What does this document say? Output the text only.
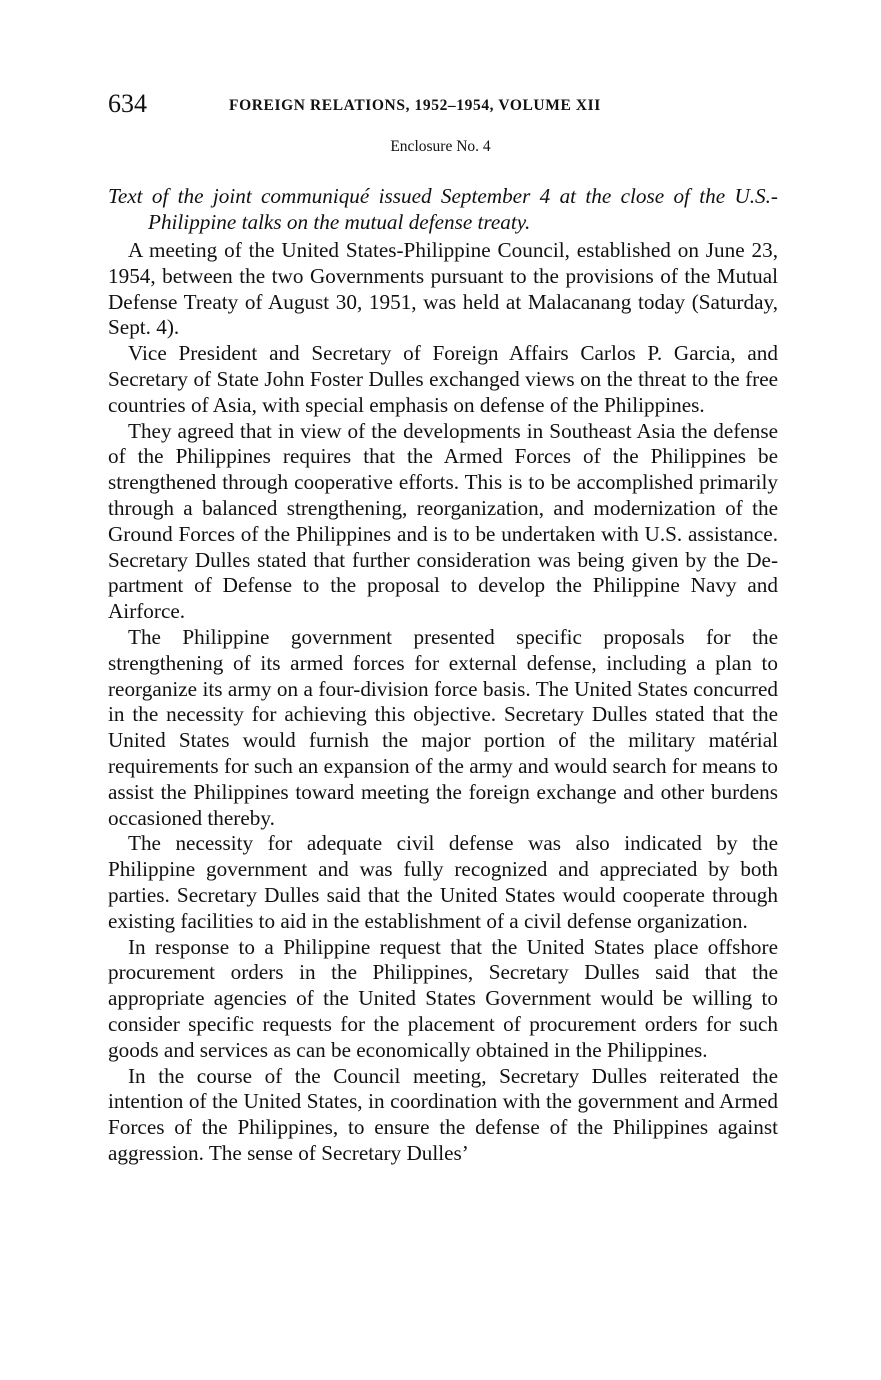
634	FOREIGN RELATIONS, 1952–1954, VOLUME XII
Enclosure No. 4

Text of the joint communiqué issued September 4 at the close of the U.S.-Philippine talks on the mutual defense treaty.

A meeting of the United States-Philippine Council, established on June 23, 1954, between the two Governments pursuant to the provisions of the Mutual Defense Treaty of August 30, 1951, was held at Malacanang today (Saturday, Sept. 4).

Vice President and Secretary of Foreign Affairs Carlos P. Garcia, and Secretary of State John Foster Dulles exchanged views on the threat to the free countries of Asia, with special emphasis on defense of the Philippines.

They agreed that in view of the developments in Southeast Asia the defense of the Philippines requires that the Armed Forces of the Philippines be strengthened through cooperative efforts. This is to be accomplished primarily through a balanced strengthening, reorganization, and modernization of the Ground Forces of the Philippines and is to be undertaken with U.S. assistance. Secretary Dulles stated that further consideration was being given by the Department of Defense to the proposal to develop the Philippine Navy and Airforce.

The Philippine government presented specific proposals for the strengthening of its armed forces for external defense, including a plan to reorganize its army on a four-division force basis. The United States concurred in the necessity for achieving this objective. Secretary Dulles stated that the United States would furnish the major portion of the military matérial requirements for such an expansion of the army and would search for means to assist the Philippines toward meeting the foreign exchange and other burdens occasioned thereby.

The necessity for adequate civil defense was also indicated by the Philippine government and was fully recognized and appreciated by both parties. Secretary Dulles said that the United States would cooperate through existing facilities to aid in the establishment of a civil defense organization.

In response to a Philippine request that the United States place offshore procurement orders in the Philippines, Secretary Dulles said that the appropriate agencies of the United States Government would be willing to consider specific requests for the placement of procurement orders for such goods and services as can be economically obtained in the Philippines.

In the course of the Council meeting, Secretary Dulles reiterated the intention of the United States, in coordination with the government and Armed Forces of the Philippines, to ensure the defense of the Philippines against aggression. The sense of Secretary Dulles’
